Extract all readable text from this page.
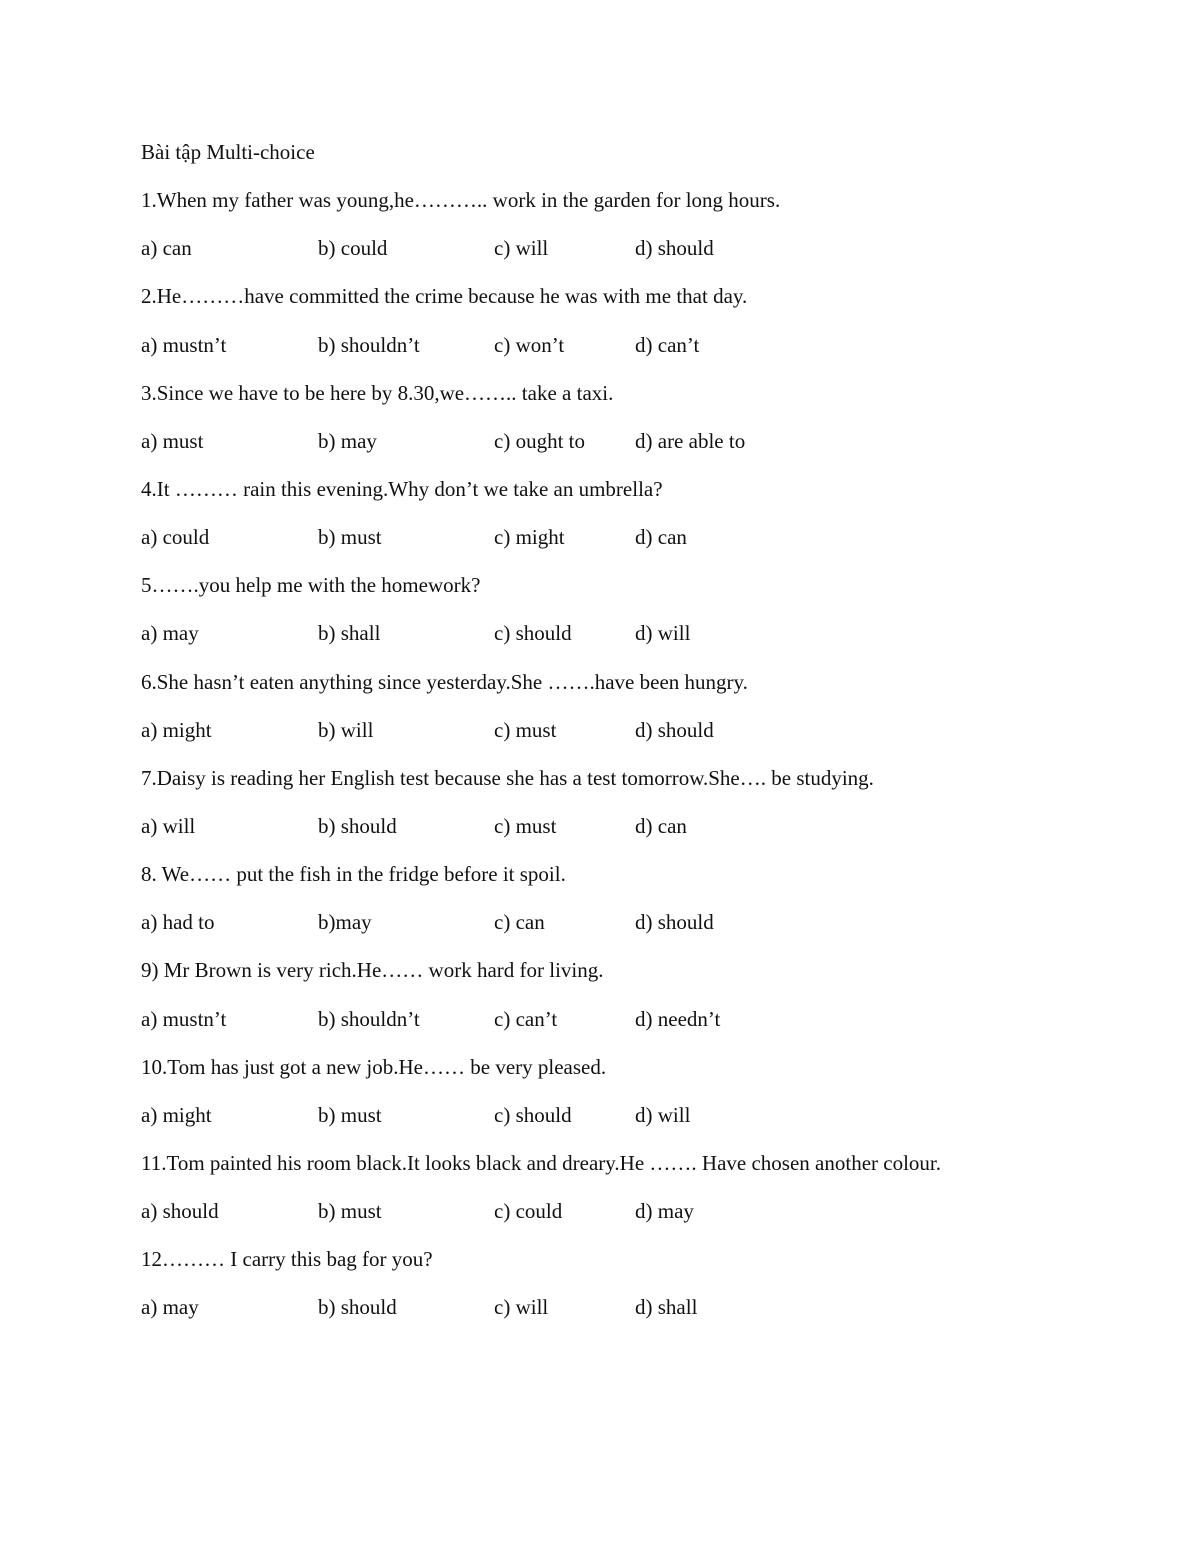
Bài tập Multi-choice
1.When my father was young,he……….. work in the garden for long hours.
a) can	b) could	c) will	d) should
2.He………have committed the crime because he was with me that day.
a) mustn’t	b) shouldn’t	c) won’t	d) can’t
3.Since we have to be here by 8.30,we…….. take a taxi.
a) must	b) may	c) ought to d) are able to
4.It ……… rain this evening.Why don’t we take an umbrella?
a) could	b) must	c) might	d) can
5…….you help me with the homework?
a) may	b) shall	c) should	d) will
6.She hasn’t eaten anything since yesterday.She …….have been hungry.
a) might	b) will	c) must	d) should
7.Daisy is reading her English test because she has a test tomorrow.She…. be studying.
a) will	b) should	c) must	d) can
8. We…… put the fish in the fridge before it spoil.
a) had to	b)may	c) can	d) should
9) Mr Brown is very rich.He…… work hard for living.
a) mustn’t	b) shouldn’t	c) can’t	d) needn’t
10.Tom has just got a new job.He…… be very pleased.
a) might	b) must	c) should	d) will
11.Tom painted his room black.It looks black and dreary.He ……. Have chosen another colour.
a) should	b) must	c) could	d) may
12……… I carry this bag for you?
a) may	b) should	c) will	d) shall
